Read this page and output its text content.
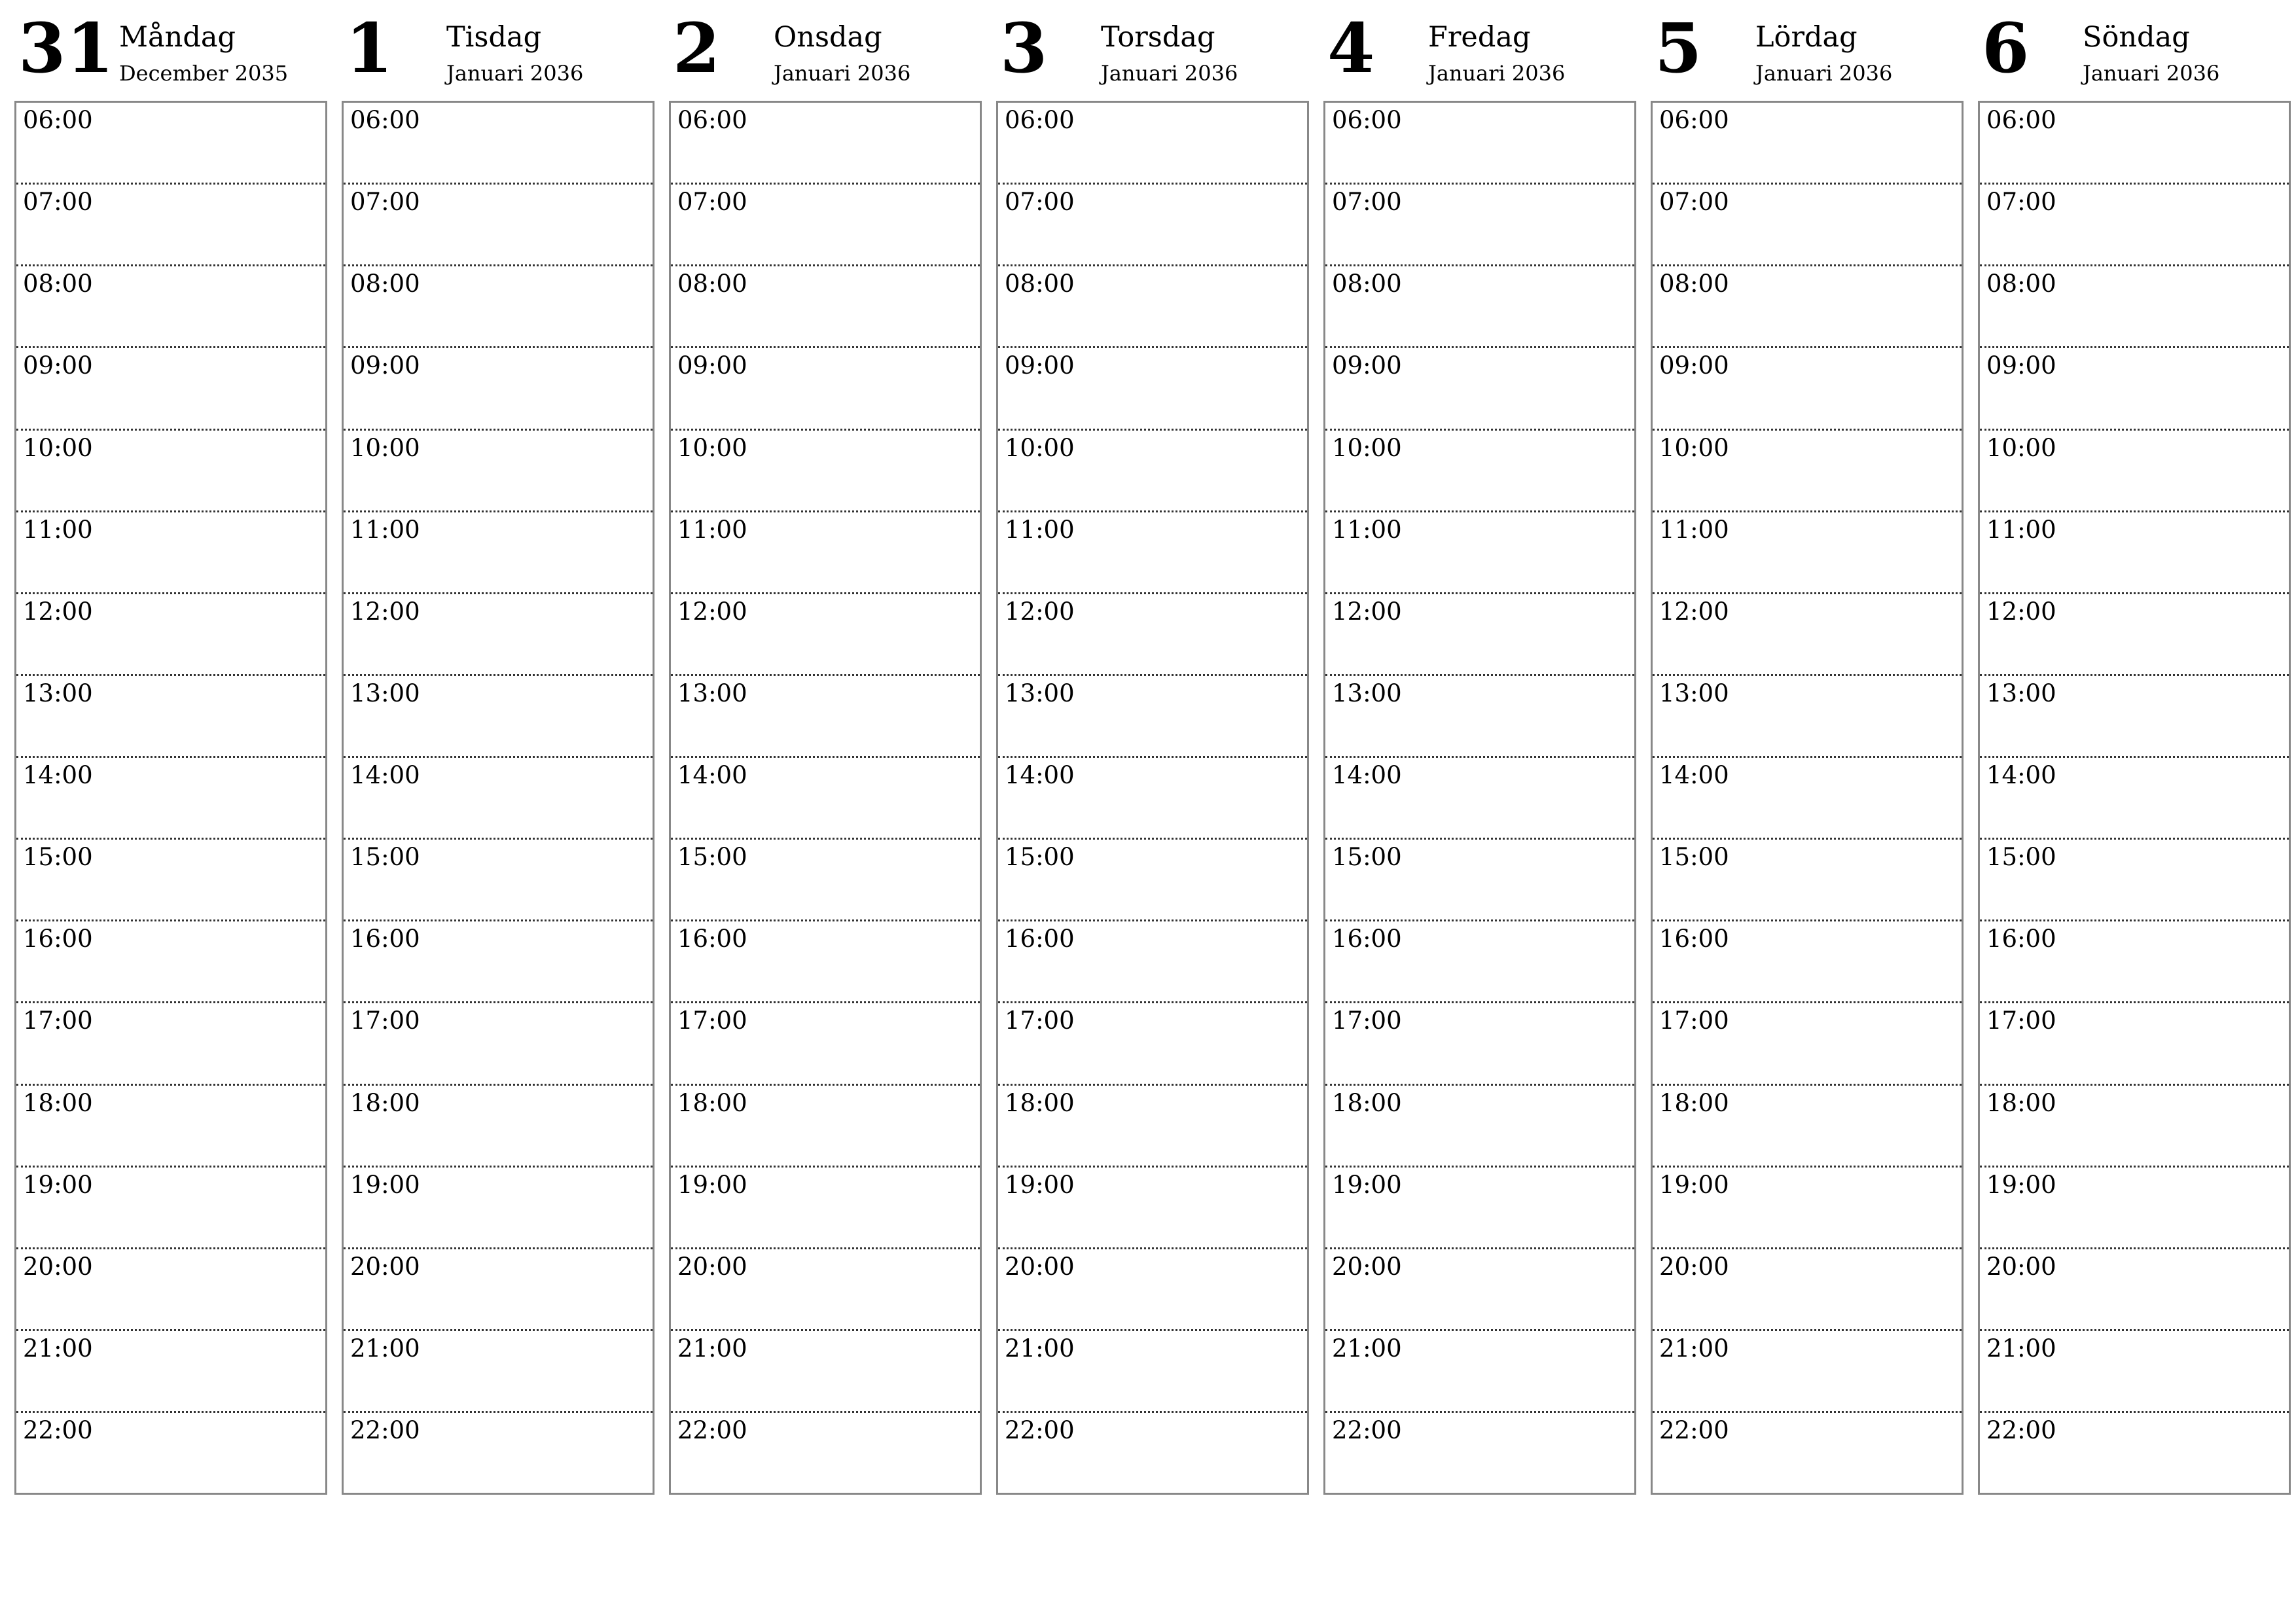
31 Måndag
December 2035
06:00
07:00
08:00
09:00
10:00
11:00
12:00
13:00
14:00
15:00
16:00
17:00
18:00
19:00
20:00
21:00
22:00
1 Tisdag
Januari 2036
06:00
07:00
08:00
09:00
10:00
11:00
12:00
13:00
14:00
15:00
16:00
17:00
18:00
19:00
20:00
21:00
22:00
2 Onsdag
Januari 2036
06:00
07:00
08:00
09:00
10:00
11:00
12:00
13:00
14:00
15:00
16:00
17:00
18:00
19:00
20:00
21:00
22:00
3 Torsdag
Januari 2036
06:00
07:00
08:00
09:00
10:00
11:00
12:00
13:00
14:00
15:00
16:00
17:00
18:00
19:00
20:00
21:00
22:00
4 Fredag
Januari 2036
06:00
07:00
08:00
09:00
10:00
11:00
12:00
13:00
14:00
15:00
16:00
17:00
18:00
19:00
20:00
21:00
22:00
5 Lördag
Januari 2036
06:00
07:00
08:00
09:00
10:00
11:00
12:00
13:00
14:00
15:00
16:00
17:00
18:00
19:00
20:00
21:00
22:00
6 Söndag
Januari 2036
06:00
07:00
08:00
09:00
10:00
11:00
12:00
13:00
14:00
15:00
16:00
17:00
18:00
19:00
20:00
21:00
22:00
